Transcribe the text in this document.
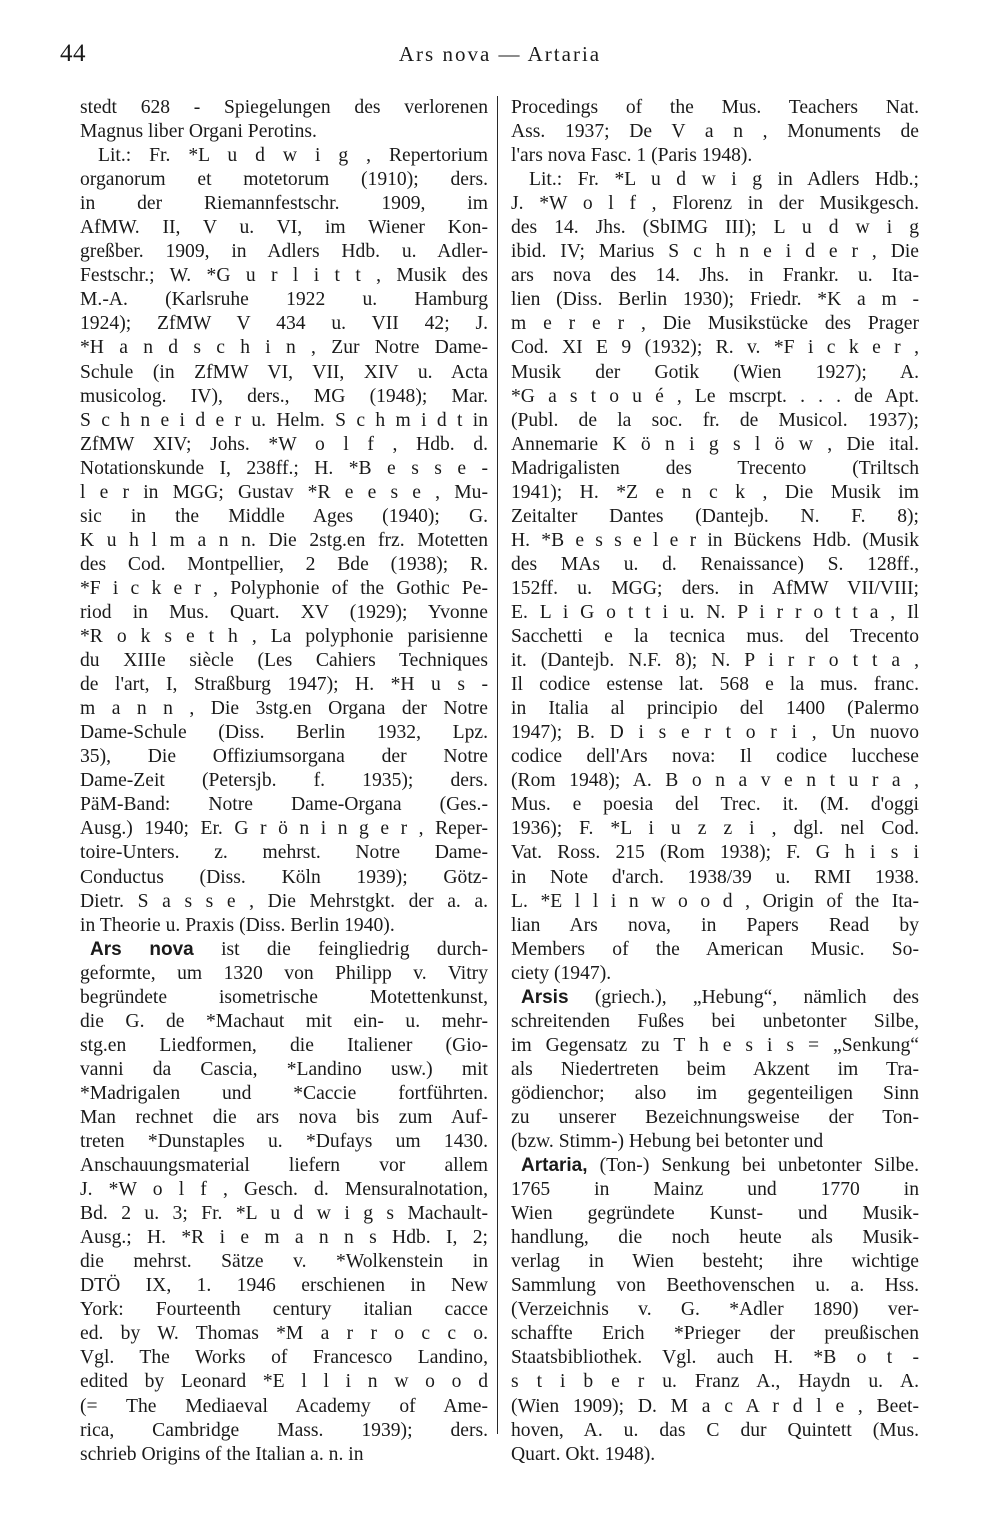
44	Ars nova — Artaria
stedt 628 - Spiegelungen des verlorenen
Magnus liber Organi Perotins.
Lit.: Fr. *L u d w i g , Repertorium
organorum et motetorum (1910); ders.
in der Riemannfestschr. 1909, im
AfMW. II, V u. VI, im Wiener Kon-
greßber. 1909, in Adlers Hdb. u. Adler-
Festschr.; W. *G u r l i t t , Musik des
M.-A. (Karlsruhe 1922 u. Hamburg
1924); ZfMW V 434 u. VII 42; J.
*H a n d s c h i n , Zur Notre Dame-
Schule (in ZfMW VI, VII, XIV u. Acta
musicolog. IV), ders., MG (1948); Mar.
S c h n e i d e r u. Helm. S c h m i d t in
ZfMW XIV; Johs. *W o l f , Hdb. d.
Notationskunde I, 238ff.; H. *B e s s e -
l e r in MGG; Gustav *R e e s e , Mu-
sic in the Middle Ages (1940); G.
K u h l m a n n. Die 2stg.en frz. Motetten
des Cod. Montpellier, 2 Bde (1938); R.
*F i c k e r , Polyphonie of the Gothic Pe-
riod in Mus. Quart. XV (1929); Yvonne
*R o k s e t h , La polyphonie parisienne
du XIIIe siècle (Les Cahiers Techniques
de l'art, I, Straßburg 1947); H. *H u s -
m a n n , Die 3stg.en Organa der Notre
Dame-Schule (Diss. Berlin 1932, Lpz.
35), Die Offiziumsorgana der Notre
Dame-Zeit (Petersjb. f. 1935); ders.
PäM-Band: Notre Dame-Organa (Ges.-
Ausg.) 1940; Er. G r ö n i n g e r , Reper-
toire-Unters. z. mehrst. Notre Dame-
Conductus (Diss. Köln 1939); Götz-
Dietr. S a s s e , Die Mehrstgkt. der a. a.
in Theorie u. Praxis (Diss. Berlin 1940).
Ars nova ist die feingliedrig durch-
geformte, um 1320 von Philipp v. Vitry
begründete isometrische Motettenkunst,
die G. de *Machaut mit ein- u. mehr-
stg.en Liedformen, die Italiener (Gio-
vanni da Cascia, *Landino usw.) mit
*Madrigalen und *Caccie fortführten.
Man rechnet die ars nova bis zum Auf-
treten *Dunstaples u. *Dufays um 1430.
Anschauungsmaterial liefern vor allem
J. *W o l f , Gesch. d. Mensuralnotation,
Bd. 2 u. 3; Fr. *L u d w i g s Machault-
Ausg.; H. *R i e m a n n s Hdb. I, 2;
die mehrst. Sätze v. *Wolkenstein in
DTÖ IX, 1. 1946 erschienen in New
York: Fourteenth century italian cacce
ed. by W. Thomas *M a r r o c c o.
Vgl. The Works of Francesco Landino,
edited by Leonard *E l l i n w o o d
(= The Mediaeval Academy of Ame-
rica, Cambridge Mass. 1939); ders.
schrieb Origins of the Italian a. n. in
Procedings of the Mus. Teachers Nat.
Ass. 1937; De V a n , Monuments de
l'ars nova Fasc. 1 (Paris 1948).
Lit.: Fr. *L u d w i g in Adlers Hdb.;
J. *W o l f , Florenz in der Musikgesch.
des 14. Jhs. (SbIMG III); L u d w i g
ibid. IV; Marius S c h n e i d e r , Die
ars nova des 14. Jhs. in Frankr. u. Ita-
lien (Diss. Berlin 1930); Friedr. *K a m -
m e r e r , Die Musikstücke des Prager
Cod. XI E 9 (1932); R. v. *F i c k e r ,
Musik der Gotik (Wien 1927); A.
*G a s t o u é , Le mscrpt. . . . de Apt.
(Publ. de la soc. fr. de Musicol. 1937);
Annemarie K ö n i g s l ö w , Die ital.
Madrigalisten des Trecento (Triltsch
1941); H. *Z e n c k , Die Musik im
Zeitalter Dantes (Dantejb. N. F. 8);
H. *B e s s e l e r in Bückens Hdb. (Musik
des MAs u. d. Renaissance) S. 128ff.,
152ff. u. MGG; ders. in AfMW VII/VIII;
E. L i G o t t i u. N. P i r r o t t a , Il
Sacchetti e la tecnica mus. del Trecento
it. (Dantejb. N.F. 8); N. P i r r o t t a ,
Il codice estense lat. 568 e la mus. franc.
in Italia al principio del 1400 (Palermo
1947); B. D i s e r t o r i , Un nuovo
codice dell'Ars nova: Il codice lucchese
(Rom 1948); A. B o n a v e n t u r a ,
Mus. e poesia del Trec. it. (M. d'oggi
1936); F. *L i u z z i , dgl. nel Cod.
Vat. Ross. 215 (Rom 1938); F. G h i s i
in Note d'arch. 1938/39 u. RMI 1938.
L. *E l l i n w o o d , Origin of the Ita-
lian Ars nova, in Papers Read by
Members of the American Music. So-
ciety (1947).
Arsis (griech.), „Hebung“, nämlich des
schreitenden Fußes bei unbetonter Silbe,
im Gegensatz zu T h e s i s = „Senkung“
als Niedertreten beim Akzent im Tra-
gödienchor; also im gegenteiligen Sinn
zu unserer Bezeichnungsweise der Ton-
(bzw. Stimm-) Hebung bei betonter und
Artaria, (Ton-) Senkung bei unbetonter Silbe.
1765 in Mainz und 1770 in
Wien gegründete Kunst- und Musik-
handlung, die noch heute als Musik-
verlag in Wien besteht; ihre wichtige
Sammlung von Beethovenschen u. a. Hss.
(Verzeichnis v. G. *Adler 1890) ver-
schaffte Erich *Prieger der preußischen
Staatsbibliothek. Vgl. auch H. *B o t -
s t i b e r u. Franz A., Haydn u. A.
(Wien 1909); D. M a c A r d l e , Beet-
hoven, A. u. das C dur Quintett (Mus.
Quart. Okt. 1948).
